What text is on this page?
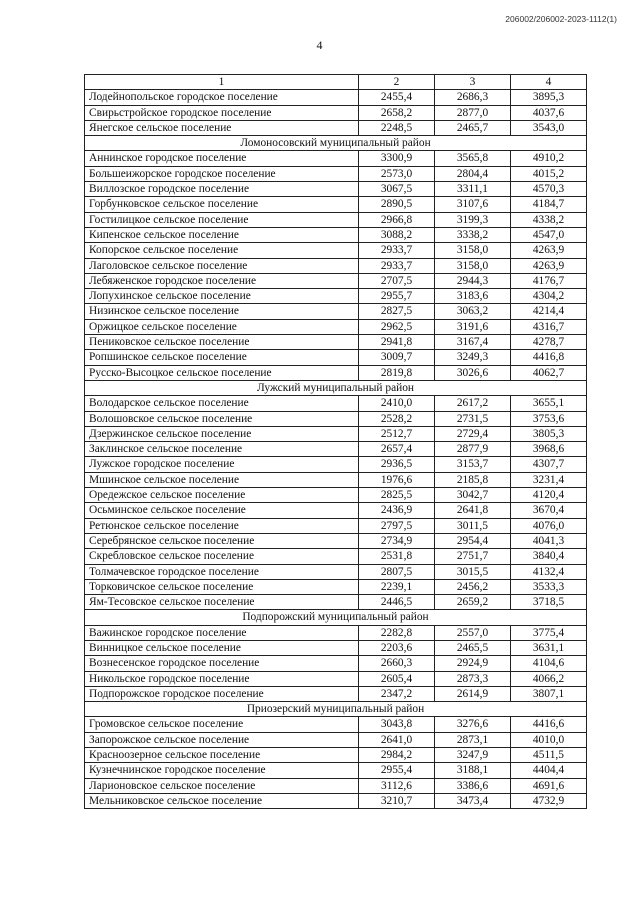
206002/206002-2023-1112(1)
4
1	2	3	4
Лодейнопольское городское поселение	2455,4	2686,3	3895,3
Свирьстройское городское поселение	2658,2	2877,0	4037,6
Янегское сельское поселение	2248,5	2465,7	3543,0
Ломоносовский муниципальный район			
Аннинское городское поселение	3300,9	3565,8	4910,2
Большеижорское городское поселение	2573,0	2804,4	4015,2
Виллозское городское поселение	3067,5	3311,1	4570,3
Горбунковское сельское поселение	2890,5	3107,6	4184,7
Гостилицкое сельское поселение	2966,8	3199,3	4338,2
Кипенское сельское поселение	3088,2	3338,2	4547,0
Копорское сельское поселение	2933,7	3158,0	4263,9
Лаголовское сельское поселение	2933,7	3158,0	4263,9
Лебяженское городское поселение	2707,5	2944,3	4176,7
Лопухинское сельское поселение	2955,7	3183,6	4304,2
Низинское сельское поселение	2827,5	3063,2	4214,4
Оржицкое сельское поселение	2962,5	3191,6	4316,7
Пениковское сельское поселение	2941,8	3167,4	4278,7
Ропшинское сельское поселение	3009,7	3249,3	4416,8
Русско-Высоцкое сельское поселение	2819,8	3026,6	4062,7
Лужский муниципальный район			
Володарское сельское поселение	2410,0	2617,2	3655,1
Волошовское сельское поселение	2528,2	2731,5	3753,6
Дзержинское сельское поселение	2512,7	2729,4	3805,3
Заклинское сельское поселение	2657,4	2877,9	3968,6
Лужское городское поселение	2936,5	3153,7	4307,7
Мшинское сельское поселение	1976,6	2185,8	3231,4
Оредежское сельское поселение	2825,5	3042,7	4120,4
Осьминское сельское поселение	2436,9	2641,8	3670,4
Ретюнское сельское поселение	2797,5	3011,5	4076,0
Серебрянское сельское поселение	2734,9	2954,4	4041,3
Скребловское сельское поселение	2531,8	2751,7	3840,4
Толмачевское городское поселение	2807,5	3015,5	4132,4
Торковичское сельское поселение	2239,1	2456,2	3533,3
Ям-Тесовское сельское поселение	2446,5	2659,2	3718,5
Подпорожский муниципальный район			
Важинское городское поселение	2282,8	2557,0	3775,4
Винницкое сельское поселение	2203,6	2465,5	3631,1
Вознесенское городское поселение	2660,3	2924,9	4104,6
Никольское городское поселение	2605,4	2873,3	4066,2
Подпорожское городское поселение	2347,2	2614,9	3807,1
Приозерский муниципальный район			
Громовское сельское поселение	3043,8	3276,6	4416,6
Запорожское сельское поселение	2641,0	2873,1	4010,0
Красноозерное сельское поселение	2984,2	3247,9	4511,5
Кузнечнинское городское поселение	2955,4	3188,1	4404,4
Ларионовское сельское поселение	3112,6	3386,6	4691,6
Мельниковское сельское поселение	3210,7	3473,4	4732,9
